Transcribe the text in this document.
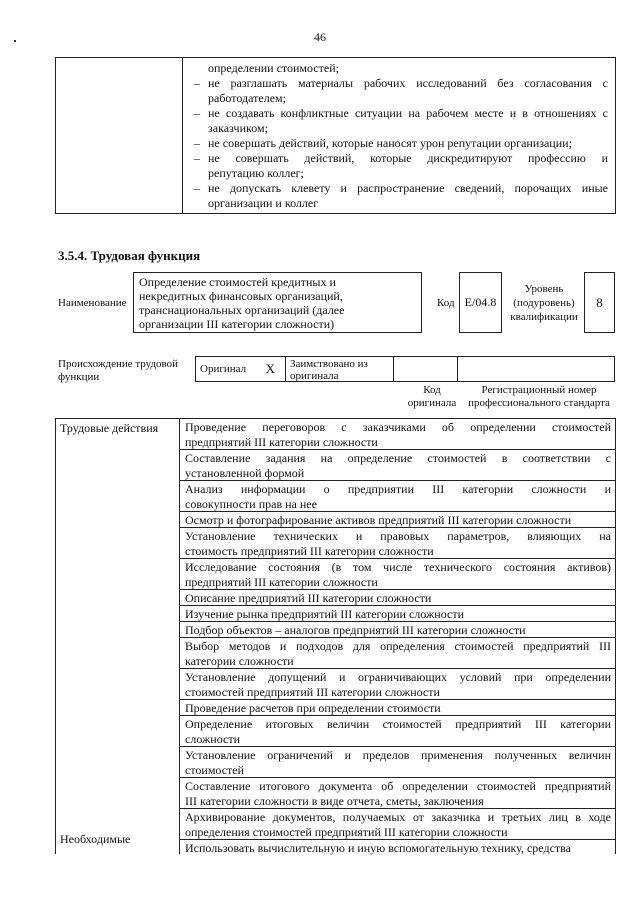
46
определении стоимостей;
– не разглашать материалы рабочих исследований без согласования с
работодателем;
– не создавать конфликтные ситуации на рабочем месте и в отношениях с
заказчиком;
– не совершать действий, которые наносят урон репутации организации;
– не совершать действий, которые дискредитируют профессию и
репутацию коллег;
– не допускать клевету и распространение сведений, порочащих иные
организации и коллег
3.5.4. Трудовая функция
Наименование
Определение стоимостей кредитных и
некредитных финансовых организаций,
транснациональных организаций (далее
организации III категории сложности)
Код E/04.8
Уровень
(подуровень)
квалификации
8
Происхождение трудовой
функции
Оригинал X	Заимствовано из
оригинала
Код
оригинала
Регистрационный номер
профессионального стандарта
Трудовые действия
Необходимые
Проведение переговоров с заказчиками об определении стоимостей
предприятий III категории сложности
Составление задания на определение стоимостей в соответствии с
установленной формой
Анализ информации о предприятии III категории сложности и
совокупности прав на нее
Осмотр и фотографирование активов предприятий III категории сложности
Установление технических и правовых параметров, влияющих на
стоимость предприятий III категории сложности
Исследование состояния (в том числе технического состояния активов)
предприятий III категории сложности
Описание предприятий III категории сложности
Изучение рынка предприятий III категории сложности
Подбор объектов – аналогов предприятий III категории сложности
Выбор методов и подходов для определения стоимостей предприятий III
категории сложности
Установление допущений и ограничивающих условий при определении
стоимостей предприятий III категории сложности
Проведение расчетов при определении стоимости
Определение итоговых величин стоимостей предприятий III категории
сложности
Установление ограничений и пределов применения полученных величин
стоимостей
Составление итогового документа об определении стоимостей предприятий
III категории сложности в виде отчета, сметы, заключения
Архивирование документов, получаемых от заказчика и третьих лиц в ходе
определения стоимостей предприятий III категории сложности
Использовать вычислительную и иную вспомогательную технику, средства
